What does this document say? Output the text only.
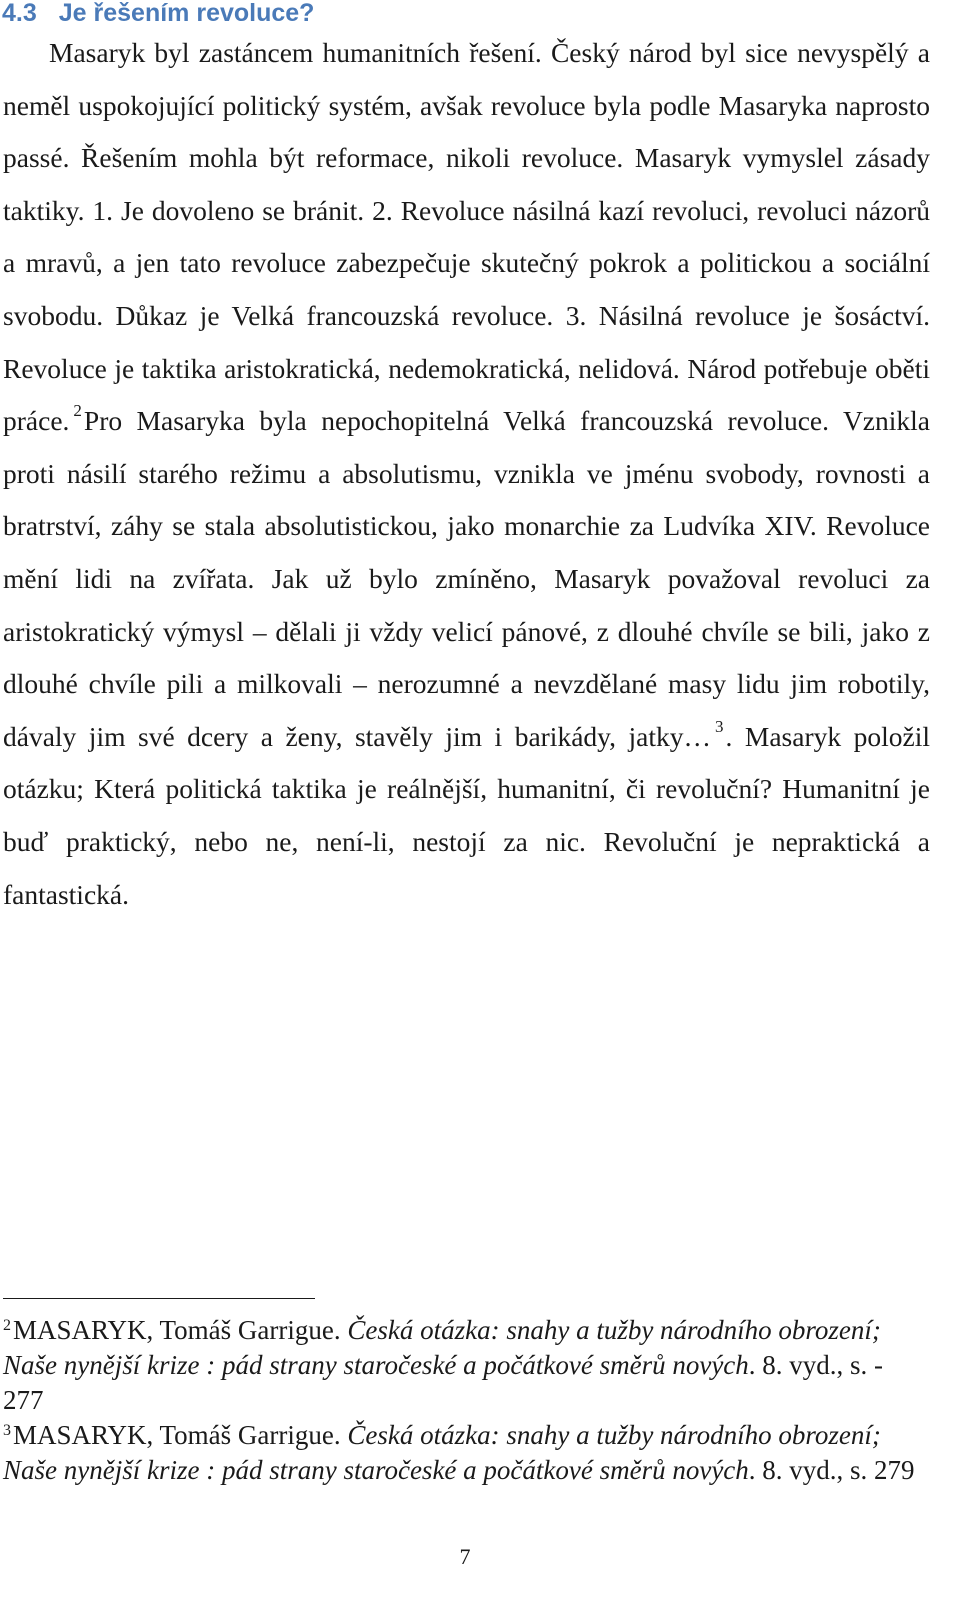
4.3 Je řešením revoluce?

Masaryk byl zastáncem humanitních řešení. Český národ byl sice nevyspělý a neměl uspokojující politický systém, avšak revoluce byla podle Masaryka naprosto passé. Řešením mohla být reformace, nikoli revoluce. Masaryk vymyslel zásady taktiky. 1. Je dovoleno se bránit. 2. Revoluce násilná kazí revoluci, revoluci názorů a mravů, a jen tato revoluce zabezpečuje skutečný pokrok a politickou a sociální svobodu. Důkaz je Velká francouzská revoluce. 3. Násilná revoluce je šosáctví. Revoluce je taktika aristokratická, nedemokratická, nelidová. Národ potřebuje oběti práce. $^2$Pro Masaryka byla nepochopitelná Velká francouzská revoluce. Vznikla proti násilí starého režimu a absolutismu, vznikla ve jménu svobody, rovnosti a bratrství, záhy se stala absolutistickou, jako monarchie za Ludvíka XIV. Revoluce mění lidi na zvířata. Jak už bylo zmíněno, Masaryk považoval revoluci za aristokratický výmysl – dělali ji vždy velicí pánové, z dlouhé chvíle se bili, jako z dlouhé chvíle pili a milkovali – nerozumné a nevzdělané masy lidu jim robotily, dávaly jim své dcery a ženy, stavěly jim i barikády, jatky… $^3$. Masaryk položil otázku; Která politická taktika je reálnější, humanitní, či revoluční? Humanitní je buď praktický, nebo ne, není-li, nestojí za nic. Revoluční je nepraktická a fantastická.

$^2$MASARYK, Tomáš Garrigue. Česká otázka: snahy a tužby národního obrození; Naše nynější krize : pád strany staročeské a počátkové směrů nových. 8. vyd., s. - 277

$^3$MASARYK, Tomáš Garrigue. Česká otázka: snahy a tužby národního obrození; Naše nynější krize : pád strany staročeské a počátkové směrů nových. 8. vyd., s. 279

7
